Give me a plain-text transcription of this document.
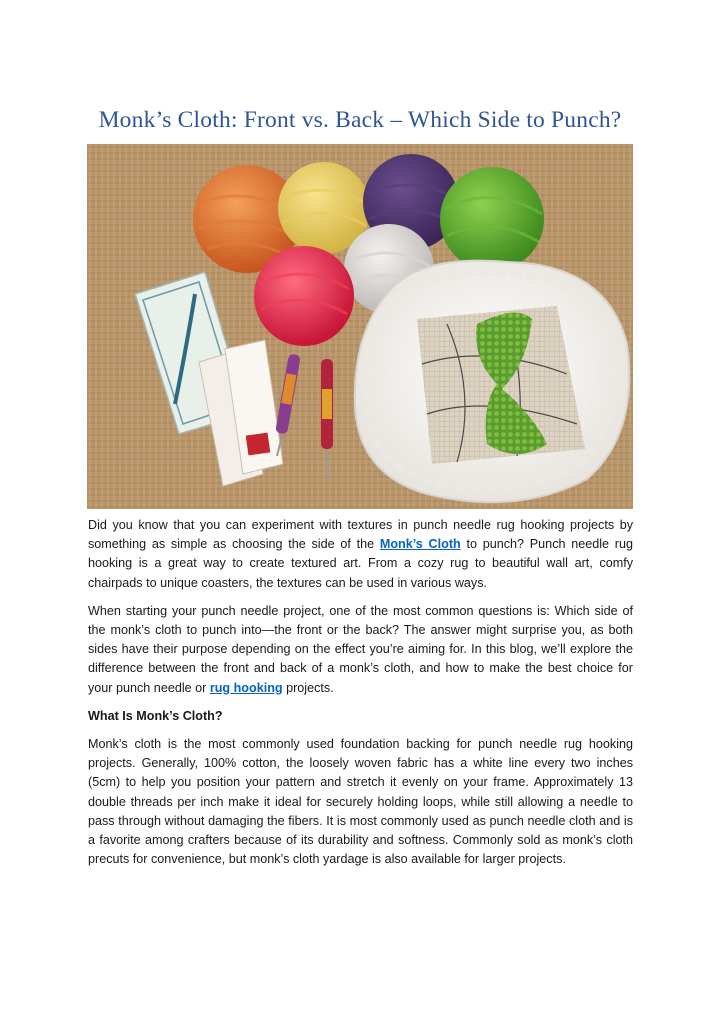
Monk’s Cloth: Front vs. Back – Which Side to Punch?

Did you know that you can experiment with textures in punch needle rug hooking projects by something as simple as choosing the side of the Monk’s Cloth to punch? Punch needle rug hooking is a great way to create textured art. From a cozy rug to beautiful wall art, comfy chairpads to unique coasters, the textures can be used in various ways.

When starting your punch needle project, one of the most common questions is: Which side of the monk’s cloth to punch into—the front or the back? The answer might surprise you, as both sides have their purpose depending on the effect you’re aiming for. In this blog, we’ll explore the difference between the front and back of a monk’s cloth, and how to make the best choice for your punch needle or rug hooking projects.

What Is Monk’s Cloth?

Monk’s cloth is the most commonly used foundation backing for punch needle rug hooking projects. Generally, 100% cotton, the loosely woven fabric has a white line every two inches (5cm) to help you position your pattern and stretch it evenly on your frame. Approximately 13 double threads per inch make it ideal for securely holding loops, while still allowing a needle to pass through without damaging the fibers. It is most commonly used as punch needle cloth and is a favorite among crafters because of its durability and softness. Commonly sold as monk’s cloth precuts for convenience, but monk’s cloth yardage is also available for larger projects.
